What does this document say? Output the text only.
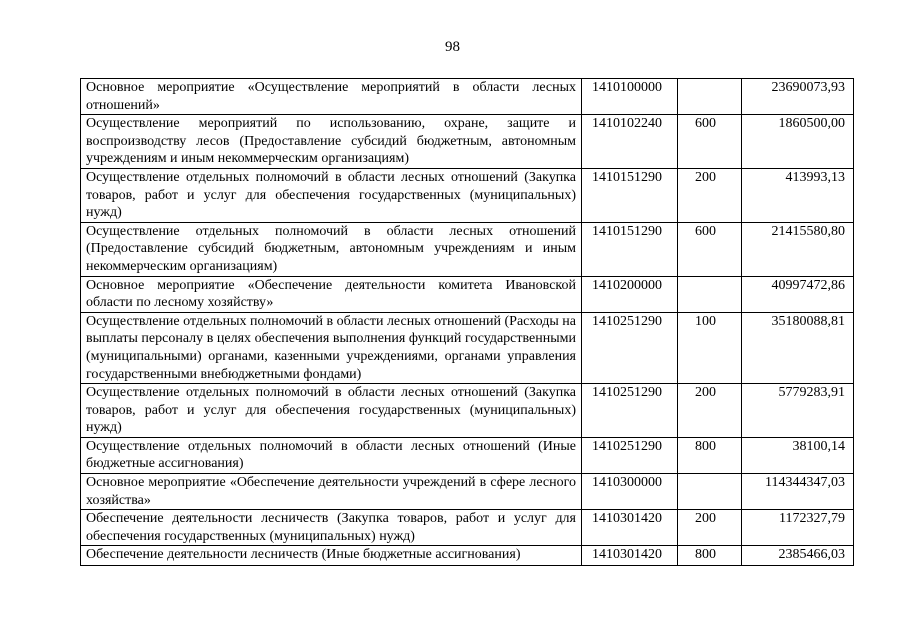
98
Основное мероприятие «Осуществление мероприятий в области лесных отношений»	1410100000		23690073,93
Осуществление мероприятий по использованию, охране, защите и воспроизводству лесов (Предоставление субсидий бюджетным, автономным учреждениям и иным некоммерческим организациям)	1410102240	600	1860500,00
Осуществление отдельных полномочий в области лесных отношений (Закупка товаров, работ и услуг для обеспечения государственных (муниципальных) нужд)	1410151290	200	413993,13
Осуществление отдельных полномочий в области лесных отношений (Предоставление субсидий бюджетным, автономным учреждениям и иным некоммерческим организациям)	1410151290	600	21415580,80
Основное мероприятие «Обеспечение деятельности комитета Ивановской области по лесному хозяйству»	1410200000		40997472,86
Осуществление отдельных полномочий в области лесных отношений (Расходы на выплаты персоналу в целях обеспечения выполнения функций государственными (муниципальными) органами, казенными учреждениями, органами управления государственными внебюджетными фондами)	1410251290	100	35180088,81
Осуществление отдельных полномочий в области лесных отношений (Закупка товаров, работ и услуг для обеспечения государственных (муниципальных) нужд)	1410251290	200	5779283,91
Осуществление отдельных полномочий в области лесных отношений (Иные бюджетные ассигнования)	1410251290	800	38100,14
Основное мероприятие «Обеспечение деятельности учреждений в сфере лесного хозяйства»	1410300000		114344347,03
Обеспечение деятельности лесничеств (Закупка товаров, работ и услуг для обеспечения государственных (муниципальных) нужд)	1410301420	200	1172327,79
Обеспечение деятельности лесничеств (Иные бюджетные ассигнования)	1410301420	800	2385466,03
